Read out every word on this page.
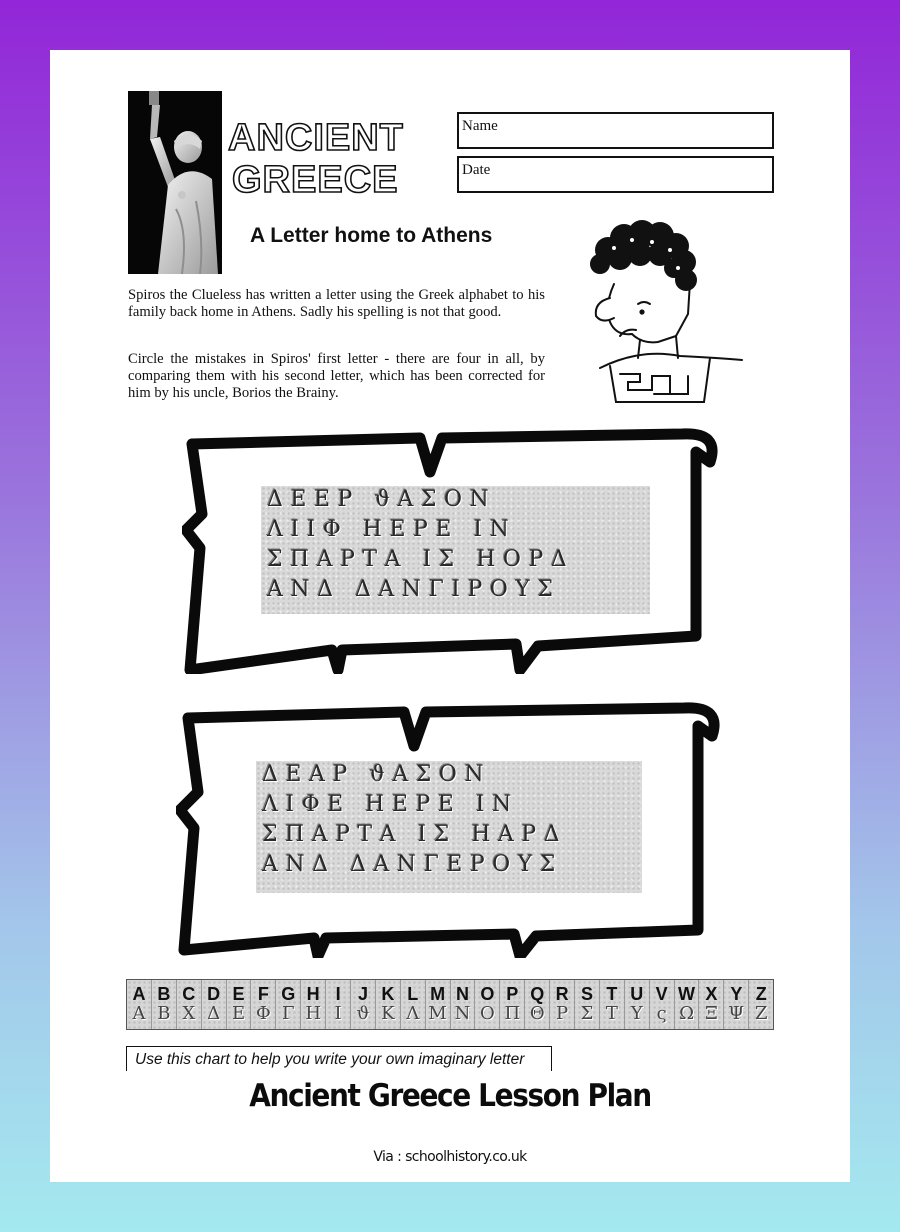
ANCIENT
GREECE
Name
Date
A Letter home to Athens

Spiros the Clueless has written a letter using the Greek alphabet to his family back home in Athens. Sadly his spelling is not that good.

Circle the mistakes in Spiros' first letter - there are four in all, by comparing them with his second letter, which has been corrected for him by his uncle, Borios the Brainy.

ΔΕΕΡ ϑΑΣΟΝ
ΛΙΙΦ ΗΕΡΕ ΙΝ
ΣΠΑΡΤΑ ΙΣ ΗΟΡΔ
ΑΝΔ ΔΑΝΓΙΡΟΥΣ
ΔΕΑΡ ϑΑΣΟΝ
ΛΙΦΕ ΗΕΡΕ ΙΝ
ΣΠΑΡΤΑ ΙΣ ΗΑΡΔ
ΑΝΔ ΔΑΝΓΕΡΟΥΣ
A
Α
B
Β
C
Χ
D
Δ
E
Ε
F
Φ
G
Γ
H
Η
I
Ι
J
ϑ
K
Κ
L
Λ
M
Μ
N
Ν
O
Ο
P
Π
Q
Θ
R
Ρ
S
Σ
T
Τ
U
Υ
V
ς
W
Ω
X
Ξ
Y
Ψ
Z
Ζ
Use this chart to help you write your own imaginary letter
Ancient Greece Lesson Plan
Via : schoolhistory.co.uk
